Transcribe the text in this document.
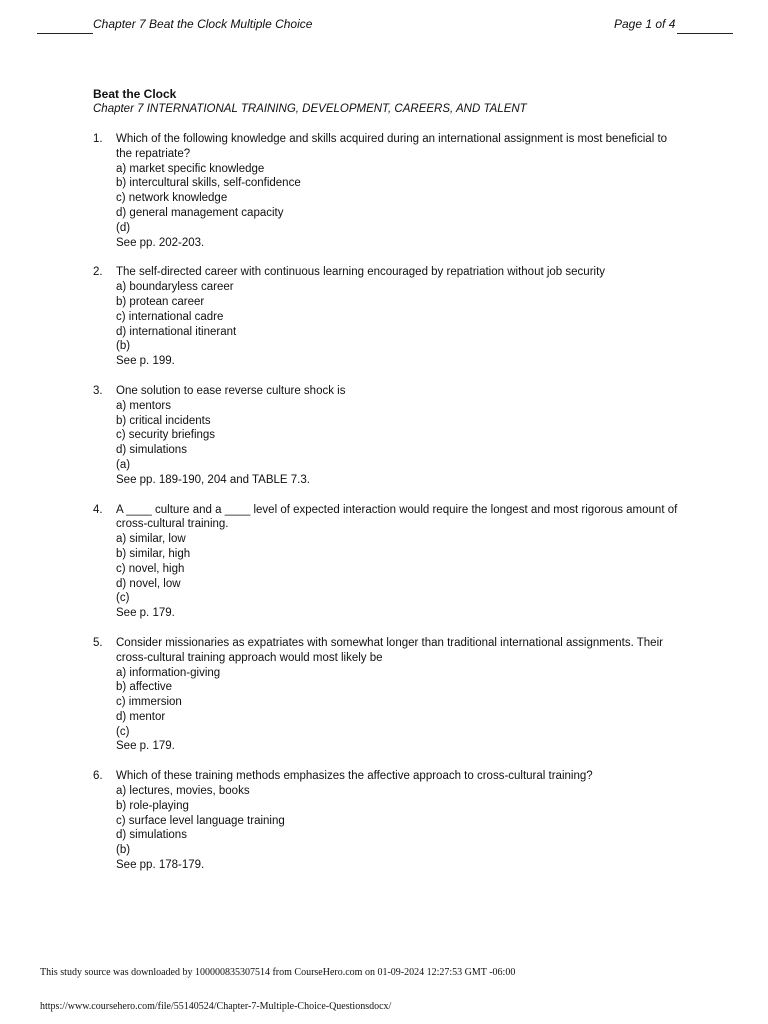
Chapter 7 Beat the Clock Multiple Choice	Page 1 of 4

Beat the Clock

Chapter 7 INTERNATIONAL TRAINING, DEVELOPMENT, CAREERS, AND TALENT

1.	Which of the following knowledge and skills acquired during an international assignment is most beneficial to the repatriate?
a) market specific knowledge
b) intercultural skills, self-confidence
c) network knowledge
d) general management capacity
(d)
See pp. 202-203.
2.	The self-directed career with continuous learning encouraged by repatriation without job security
a) boundaryless career
b) protean career
c) international cadre
d) international itinerant
(b)
See p. 199.
3.	One solution to ease reverse culture shock is
a) mentors
b) critical incidents
c) security briefings
d) simulations
(a)
See pp. 189-190, 204 and TABLE 7.3.
4.	A ____ culture and a ____ level of expected interaction would require the longest and most rigorous amount of cross-cultural training.
a) similar, low
b) similar, high
c) novel, high
d) novel, low
(c)
See p. 179.
5.	Consider missionaries as expatriates with somewhat longer than traditional international assignments. Their cross-cultural training approach would most likely be
a) information-giving
b) affective
c) immersion
d) mentor
(c)
See p. 179.
6.	Which of these training methods emphasizes the affective approach to cross-cultural training?
a) lectures, movies, books
b) role-playing
c) surface level language training
d) simulations
(b)
See pp. 178-179.
This study source was downloaded by 100000835307514 from CourseHero.com on 01-09-2024 12:27:53 GMT -06:00
https://www.coursehero.com/file/55140524/Chapter-7-Multiple-Choice-Questionsdocx/
